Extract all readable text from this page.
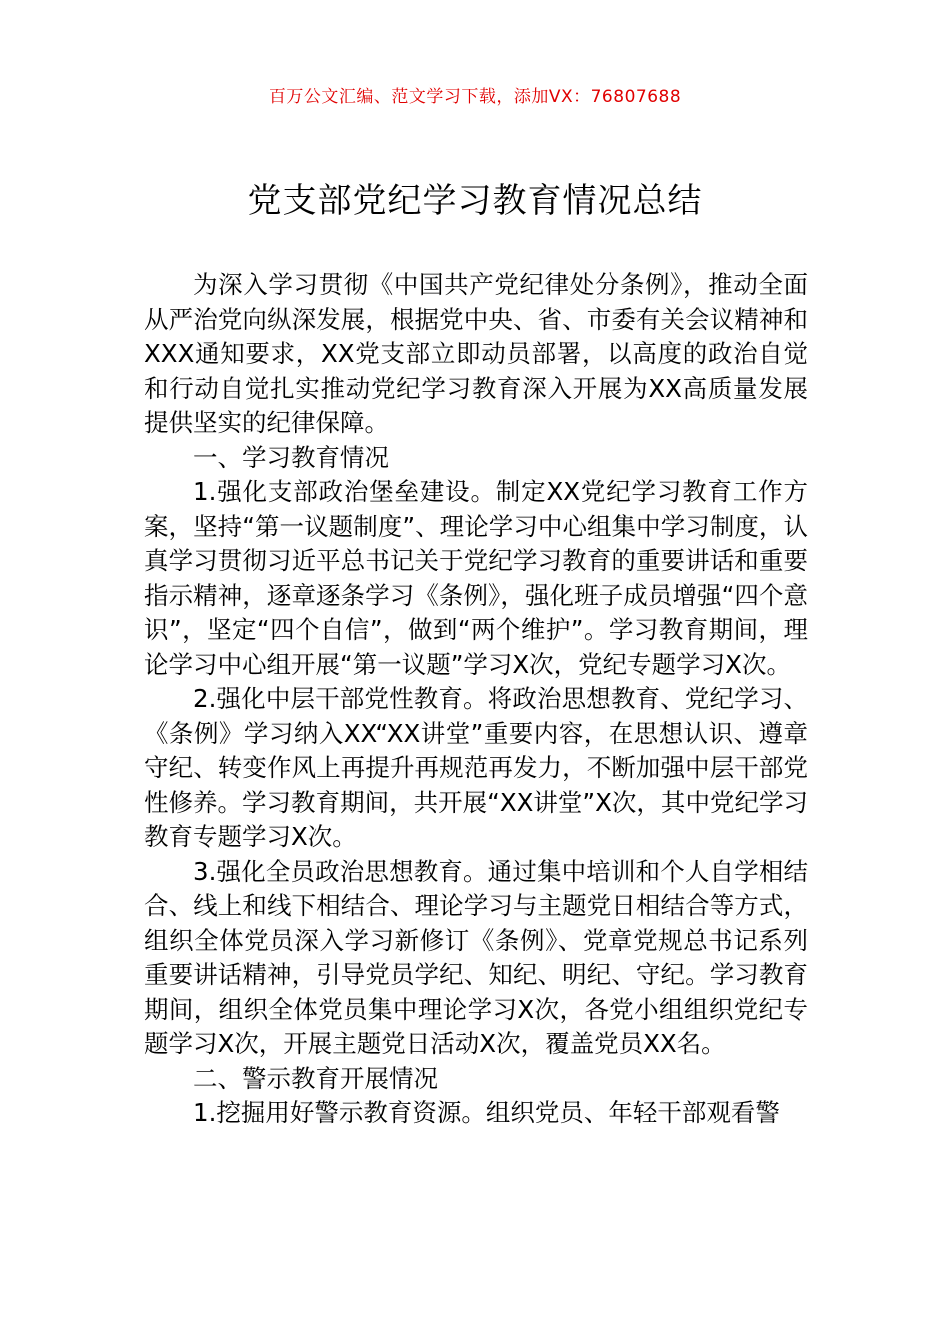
百万公文汇编、范文学习下载，添加VX：76807688
党支部党纪学习教育情况总结

为深入学习贯彻《中国共产党纪律处分条例》，推动全面从严治党向纵深发展，根据党中央、省、市委有关会议精神和XXX通知要求，XX党支部立即动员部署，以高度的政治自觉和行动自觉扎实推动党纪学习教育深入开展为XX高质量发展提供坚实的纪律保障。

一、学习教育情况

1.强化支部政治堡垒建设。制定XX党纪学习教育工作方案，坚持“第一议题制度”、理论学习中心组集中学习制度，认真学习贯彻习近平总书记关于党纪学习教育的重要讲话和重要指示精神，逐章逐条学习《条例》，强化班子成员增强“四个意识”，坚定“四个自信”，做到“两个维护”。学习教育期间，理论学习中心组开展“第一议题”学习X次，党纪专题学习X次。

2.强化中层干部党性教育。将政治思想教育、党纪学习、《条例》学习纳入XX“XX讲堂”重要内容，在思想认识、遵章守纪、转变作风上再提升再规范再发力，不断加强中层干部党性修养。学习教育期间，共开展“XX讲堂”X次，其中党纪学习教育专题学习X次。

3.强化全员政治思想教育。通过集中培训和个人自学相结合、线上和线下相结合、理论学习与主题党日相结合等方式，组织全体党员深入学习新修订《条例》、党章党规总书记系列重要讲话精神，引导党员学纪、知纪、明纪、守纪。学习教育期间，组织全体党员集中理论学习X次，各党小组组织党纪专题学习X次，开展主题党日活动X次，覆盖党员XX名。

二、警示教育开展情况

1.挖掘用好警示教育资源。组织党员、年轻干部观看警
